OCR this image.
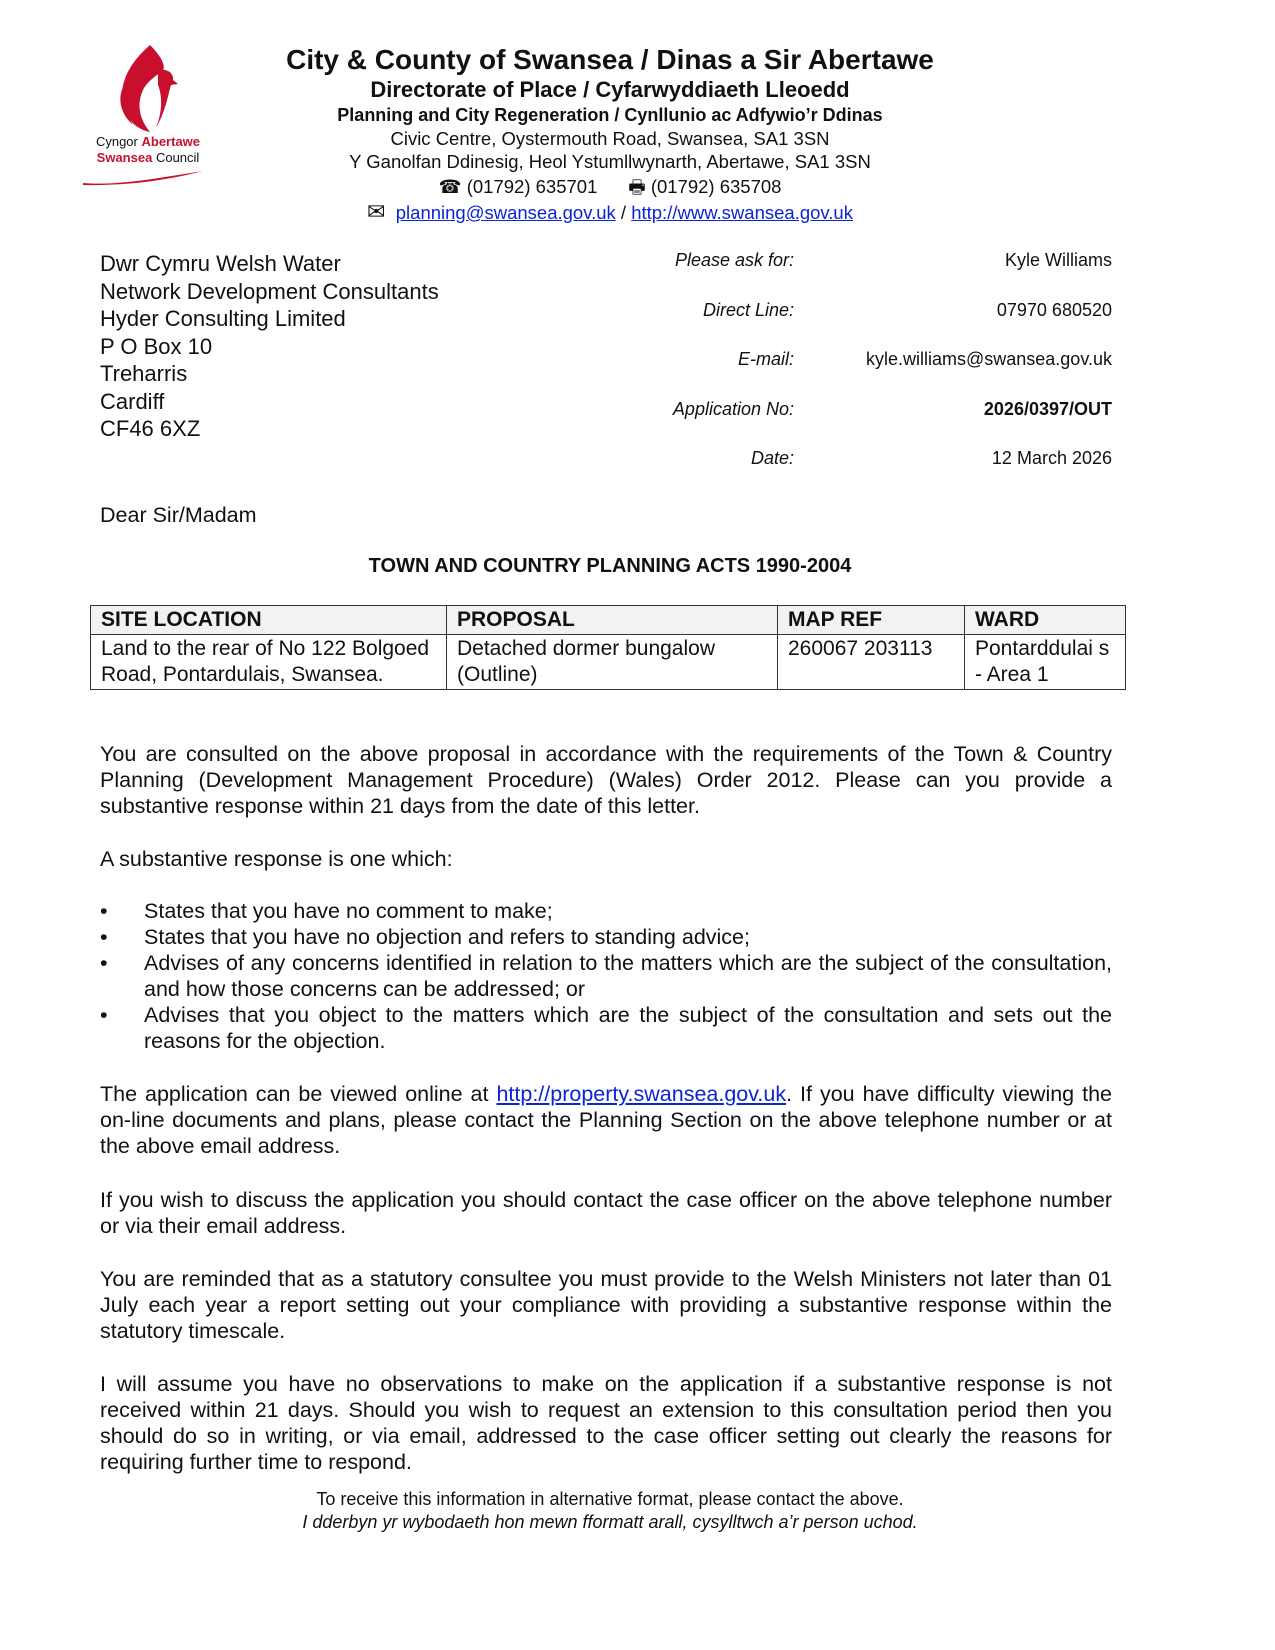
Cyngor Abertawe
Swansea Council
City & County of Swansea / Dinas a Sir Abertawe
Directorate of Place / Cyfarwyddiaeth Lleoedd
Planning and City Regeneration / Cynllunio ac Adfywio’r Ddinas
Civic Centre, Oystermouth Road, Swansea, SA1 3SN
Y Ganolfan Ddinesig, Heol Ystumllwynarth, Abertawe, SA1 3SN
☎ (01792) 635701 🖶 (01792) 635708
✉ planning@swansea.gov.uk / http://www.swansea.gov.uk
Dwr Cymru Welsh Water
Network Development Consultants
Hyder Consulting Limited
P O Box 10
Treharris
Cardiff
CF46 6XZ
Please ask for:	Kyle Williams
Direct Line:	07970 680520
E-mail:	kyle.williams@swansea.gov.uk
Application No:	2026/0397/OUT
Date:	12 March 2026
Dear Sir/Madam
TOWN AND COUNTRY PLANNING ACTS 1990-2004
SITE LOCATION	PROPOSAL	MAP REF	WARD
Land to the rear of No 122 Bolgoed Road, Pontardulais, Swansea.	Detached dormer bungalow (Outline)	260067 203113	Pontarddulai s - Area 1
You are consulted on the above proposal in accordance with the requirements of the Town & Country Planning (Development Management Procedure) (Wales) Order 2012. Please can you provide a substantive response within 21 days from the date of this letter.
A substantive response is one which:
• States that you have no comment to make;
• States that you have no objection and refers to standing advice;
• Advises of any concerns identified in relation to the matters which are the subject of the consultation, and how those concerns can be addressed; or
• Advises that you object to the matters which are the subject of the consultation and sets out the reasons for the objection.
The application can be viewed online at http://property.swansea.gov.uk. If you have difficulty viewing the on-line documents and plans, please contact the Planning Section on the above telephone number or at the above email address.
If you wish to discuss the application you should contact the case officer on the above telephone number or via their email address.
You are reminded that as a statutory consultee you must provide to the Welsh Ministers not later than 01 July each year a report setting out your compliance with providing a substantive response within the statutory timescale.
I will assume you have no observations to make on the application if a substantive response is not received within 21 days. Should you wish to request an extension to this consultation period then you should do so in writing, or via email, addressed to the case officer setting out clearly the reasons for requiring further time to respond.
To receive this information in alternative format, please contact the above.
I dderbyn yr wybodaeth hon mewn fformatt arall, cysylltwch a’r person uchod.
